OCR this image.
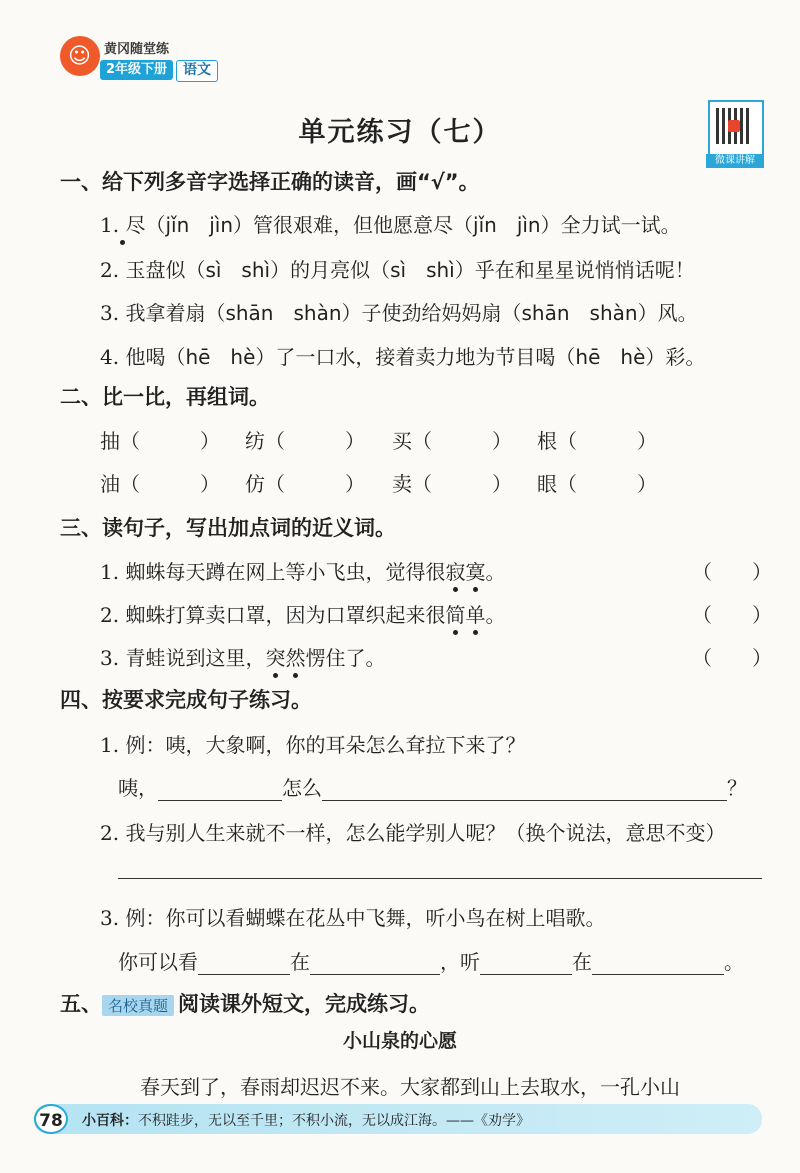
☺ 黄冈随堂练
2年级下册	语文
单元练习（七）
微课讲解
一、给下列多音字选择正确的读音，画“√”。
1. 尽（jǐn　jìn）管很艰难，但他愿意尽（jǐn　jìn）全力试一试。
2. 玉盘似（sì　shì）的月亮似（sì　shì）乎在和星星说悄悄话呢！
3. 我拿着扇（shān　shàn）子使劲给妈妈扇（shān　shàn）风。
4. 他喝（hē　hè）了一口水，接着卖力地为节目喝（hē　hè）彩。
二、比一比，再组词。
抽（　　　） 纺（　　　） 买（　　　） 根（　　　）
油（　　　） 仿（　　　） 卖（　　　） 眼（　　　）
三、读句子，写出加点词的近义词。
1. 蜘蛛每天蹲在网上等小飞虫，觉得很寂寞。	（　　）
2. 蜘蛛打算卖口罩，因为口罩织起来很简单。	（　　）
3. 青蛙说到这里，突然愣住了。	（　　）
四、按要求完成句子练习。
1. 例：咦，大象啊，你的耳朵怎么耷拉下来了？
咦，	怎么	？
2. 我与别人生来就不一样，怎么能学别人呢？（换个说法，意思不变）
3. 例：你可以看蝴蝶在花丛中飞舞，听小鸟在树上唱歌。
你可以看	在	，听	在	。
五、 名校真题 阅读课外短文，完成练习。
小山泉的心愿
春天到了，春雨却迟迟不来。大家都到山上去取水，一孔小山
78	小百科：不积跬步，无以至千里；不积小流，无以成江海。——《劝学》
